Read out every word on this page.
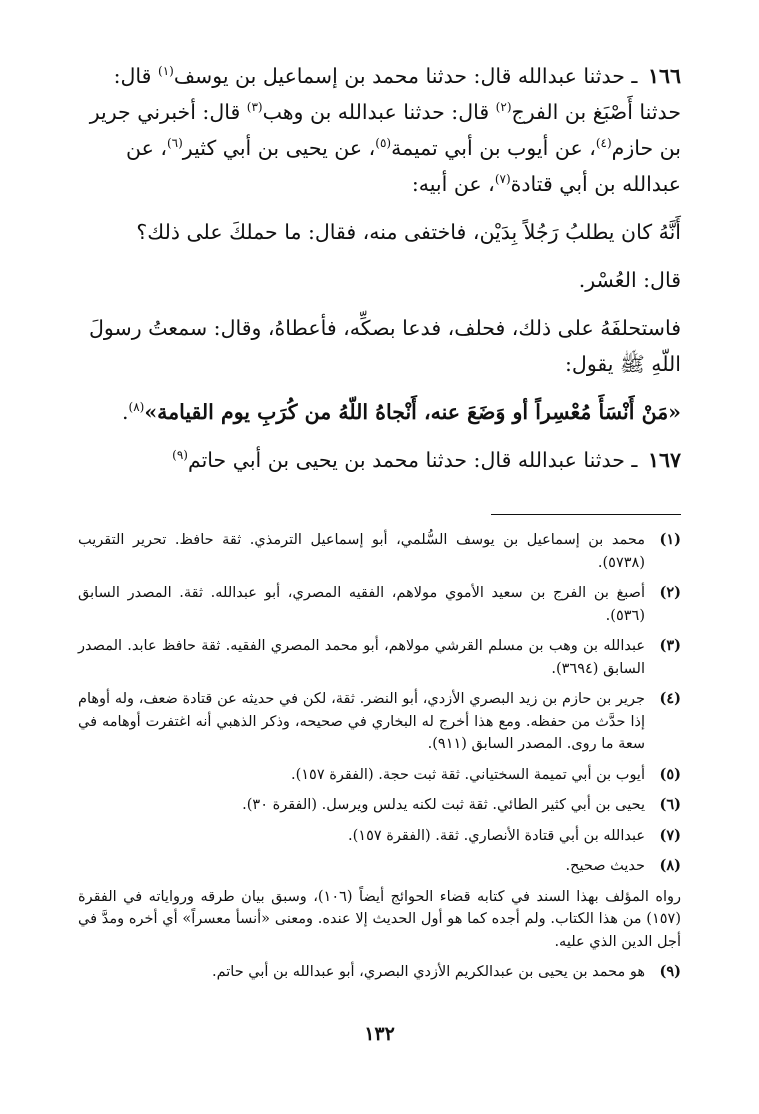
١٦٦ ـ حدثنا عبدالله قال: حدثنا محمد بن إسماعيل بن يوسف$^{(١)}$ قال: حدثنا أَصْبَغ بن الفرج$^{(٢)}$ قال: حدثنا عبدالله بن وهب$^{(٣)}$ قال: أخبرني جرير بن حازم$^{(٤)}$، عن أيوب بن أبي تميمة$^{(٥)}$، عن يحيى بن أبي كثير$^{(٦)}$، عن عبدالله بن أبي قتادة$^{(٧)}$، عن أبيه:

أَنَّهُ كان يطلبُ رَجُلاً بِدَيْن، فاختفى منه، فقال: ما حملكَ على ذلك؟

قال: العُسْر.

فاستحلفَهُ على ذلك، فحلف، فدعا بصكِّه، فأعطاهُ، وقال: سمعتُ رسولَ اللّهِ ﷺ يقول:

«مَنْ أَنْسَأَ مُعْسِراً أو وَضَعَ عنه، أَنْجاهُ اللّهُ من كُرَبِ يوم القيامة»$^{(٨)}$.

١٦٧ ـ حدثنا عبدالله قال: حدثنا محمد بن يحيى بن أبي حاتم$^{(٩)}$

(١)
محمد بن إسماعيل بن يوسف السُّلمي، أبو إسماعيل الترمذي. ثقة حافظ. تحرير التقريب (٥٧٣٨).
(٢)
أصبغ بن الفرج بن سعيد الأموي مولاهم، الفقيه المصري، أبو عبدالله. ثقة. المصدر السابق (٥٣٦).
(٣)
عبدالله بن وهب بن مسلم القرشي مولاهم، أبو محمد المصري الفقيه. ثقة حافظ عابد. المصدر السابق (٣٦٩٤).
(٤)
جرير بن حازم بن زيد البصري الأزدي، أبو النضر. ثقة، لكن في حديثه عن قتادة ضعف، وله أوهام إذا حدَّث من حفظه. ومع هذا أخرج له البخاري في صحيحه، وذكر الذهبي أنه اغتفرت أوهامه في سعة ما روى. المصدر السابق (٩١١).
(٥)
أيوب بن أبي تميمة السختياني. ثقة ثبت حجة. (الفقرة ١٥٧).
(٦)
يحيى بن أبي كثير الطائي. ثقة ثبت لكنه يدلس ويرسل. (الفقرة ٣٠).
(٧)
عبدالله بن أبي قتادة الأنصاري. ثقة. (الفقرة ١٥٧).
(٨)
حديث صحيح.
رواه المؤلف بهذا السند في كتابه قضاء الحوائج أيضاً (١٠٦)، وسبق بيان طرقه ورواياته في الفقرة (١٥٧) من هذا الكتاب. ولم أجده كما هو أول الحديث إلا عنده. ومعنى «أنسأ معسراً» أي أخره ومدَّ في أجل الدين الذي عليه.
(٩)
هو محمد بن يحيى بن عبدالكريم الأزدي البصري، أبو عبدالله بن أبي حاتم.
١٣٢
